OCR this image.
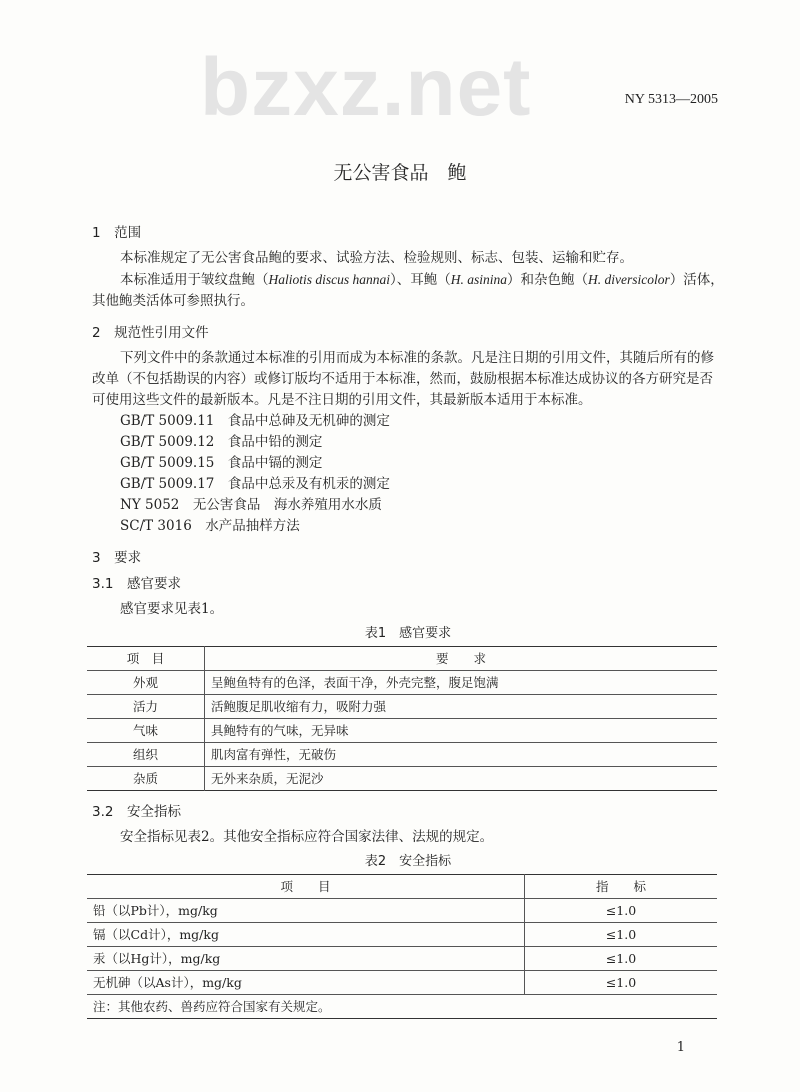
bzxz.net	NY 5313—2005
无公害食品　鲍
1　范围
本标准规定了无公害食品鲍的要求、试验方法、检验规则、标志、包装、运输和贮存。
本标准适用于皱纹盘鲍（Haliotis discus hannai）、耳鲍（H. asinina）和杂色鲍（H. diversicolor）活体，其他鲍类活体可参照执行。
2　规范性引用文件
下列文件中的条款通过本标准的引用而成为本标准的条款。凡是注日期的引用文件，其随后所有的修改单（不包括勘误的内容）或修订版均不适用于本标准，然而，鼓励根据本标准达成协议的各方研究是否可使用这些文件的最新版本。凡是不注日期的引用文件，其最新版本适用于本标准。
GB/T 5009.11　食品中总砷及无机砷的测定
GB/T 5009.12　食品中铅的测定
GB/T 5009.15　食品中镉的测定
GB/T 5009.17　食品中总汞及有机汞的测定
NY 5052　无公害食品　海水养殖用水水质
SC/T 3016　水产品抽样方法
3　要求
3.1　感官要求
感官要求见表1。
表1　感官要求
项　目	要　　求
外观	呈鲍鱼特有的色泽，表面干净，外壳完整，腹足饱满
活力	活鲍腹足肌收缩有力，吸附力强
气味	具鲍特有的气味，无异味
组织	肌肉富有弹性，无破伤
杂质	无外来杂质，无泥沙
3.2　安全指标
安全指标见表2。其他安全指标应符合国家法律、法规的规定。
表2　安全指标
项　　目	指　　标
铅（以Pb计），mg/kg	≤1.0
镉（以Cd计），mg/kg	≤1.0
汞（以Hg计），mg/kg	≤1.0
无机砷（以As计），mg/kg	≤1.0
注：其他农药、兽药应符合国家有关规定。	
1
